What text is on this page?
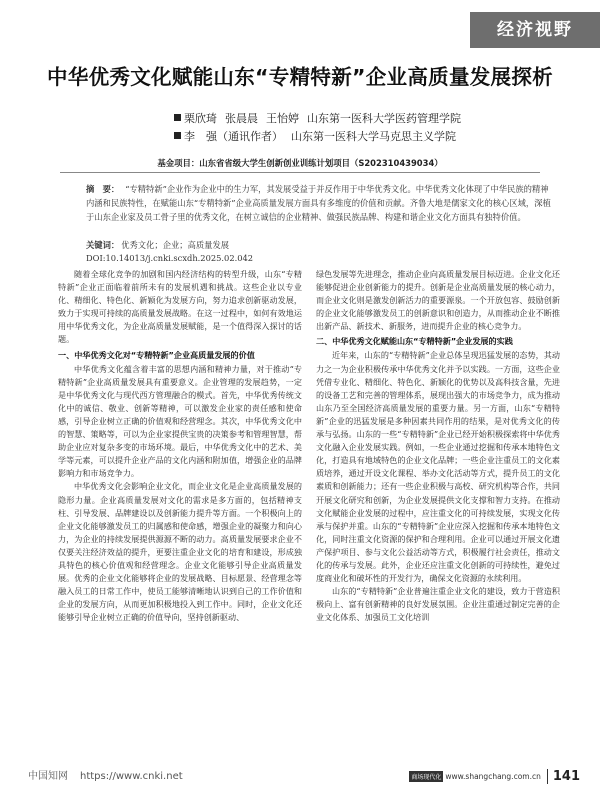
经济视野
中华优秀文化赋能山东“专精特新”企业高质量发展探析
栗欣琦 张晨晨 王怡婷 山东第一医科大学医药管理学院
李　强（通讯作者） 山东第一医科大学马克思主义学院
基金项目：山东省省级大学生创新创业训练计划项目（S202310439034）
摘　要： “专精特新”企业作为企业中的生力军，其发展受益于并反作用于中华优秀文化。中华优秀文化体现了中华民族的精神内涵和民族特性，在赋能山东“专精特新”企业高质量发展方面具有多维度的价值和贡献。齐鲁大地是儒家文化的核心区域，深植于山东企业家及员工骨子里的优秀文化，在树立诚信的企业精神、做强民族品牌、构建和谐企业文化方面具有独特价值。
关键词： 优秀文化；企业；高质量发展
DOI:10.14013/j.cnki.scxdh.2025.02.042

随着全球化竞争的加剧和国内经济结构的转型升级，山东“专精特新”企业正面临着前所未有的发展机遇和挑战。这些企业以专业化、精细化、特色化、新颖化为发展方向，努力追求创新驱动发展，致力于实现可持续的高质量发展战略。在这一过程中，如何有效地运用中华优秀文化，为企业高质量发展赋能，是一个值得深入探讨的话题。

一、中华优秀文化对“专精特新”企业高质量发展的价值

中华优秀文化蕴含着丰富的思想内涵和精神力量，对于推动“专精特新”企业高质量发展具有重要意义。企业管理的发展趋势，一定是中华优秀文化与现代西方管理融合的模式。首先，中华优秀传统文化中的诚信、敬业、创新等精神，可以激发企业家的责任感和使命感，引导企业树立正确的价值观和经营理念。其次，中华优秀文化中的智慧、策略等，可以为企业家提供宝贵的决策参考和管理智慧，帮助企业应对复杂多变的市场环境。最后，中华优秀文化中的艺术、美学等元素，可以提升企业产品的文化内涵和附加值，增强企业的品牌影响力和市场竞争力。

中华优秀文化会影响企业文化，而企业文化是企业高质量发展的隐形力量。企业高质量发展对文化的需求是多方面的，包括精神支柱、引导发展、品牌建设以及创新能力提升等方面。一个积极向上的企业文化能够激发员工的归属感和使命感，增强企业的凝聚力和向心力，为企业的持续发展提供源源不断的动力。高质量发展要求企业不仅要关注经济效益的提升，更要注重企业文化的培育和建设，形成独具特色的核心价值观和经营理念。企业文化能够引导企业高质量发展。优秀的企业文化能够将企业的发展战略、目标愿景、经营理念等融入员工的日常工作中，使员工能够清晰地认识到自己的工作价值和企业的发展方向，从而更加积极地投入到工作中。同时，企业文化还能够引导企业树立正确的价值导向，坚持创新驱动、

绿色发展等先进理念，推动企业向高质量发展目标迈进。企业文化还能够促进企业创新能力的提升。创新是企业高质量发展的核心动力，而企业文化则是激发创新活力的重要源泉。一个开放包容、鼓励创新的企业文化能够激发员工的创新意识和创造力，从而推动企业不断推出新产品、新技术、新服务，进而提升企业的核心竞争力。

二、中华优秀文化赋能山东“专精特新”企业发展的实践

近年来，山东的“专精特新”企业总体呈现迅猛发展的态势，其动力之一为企业积极传承中华优秀文化并予以实践。一方面，这些企业凭借专业化、精细化、特色化、新颖化的优势以及高科技含量，先进的设备工艺和完善的管理体系，展现出强大的市场竞争力，成为推动山东乃至全国经济高质量发展的重要力量。另一方面，山东“专精特新”企业的迅猛发展是多种因素共同作用的结果，是对优秀文化的传承与弘扬。山东的一些“专精特新”企业已经开始积极探索将中华优秀文化融入企业发展实践。例如，一些企业通过挖掘和传承本地特色文化，打造具有地域特色的企业文化品牌；一些企业注重员工的文化素质培养，通过开设文化课程、举办文化活动等方式，提升员工的文化素质和创新能力；还有一些企业积极与高校、研究机构等合作，共同开展文化研究和创新，为企业发展提供文化支撑和智力支持。在推动文化赋能企业发展的过程中，应注重文化的可持续发展，实现文化传承与保护并重。山东的“专精特新”企业应深入挖掘和传承本地特色文化，同时注重文化资源的保护和合理利用。企业可以通过开展文化遗产保护项目、参与文化公益活动等方式，积极履行社会责任，推动文化的传承与发展。此外，企业还应注重文化创新的可持续性，避免过度商业化和破坏性的开发行为，确保文化资源的永续利用。

山东的“专精特新”企业普遍注重企业文化的建设，致力于营造积极向上、富有创新精神的良好发展氛围。企业注重通过制定完善的企业文化体系、加强员工文化培训

中国知网 https://www.cnki.net	商场现代化 www.shangchang.com.cn 141
